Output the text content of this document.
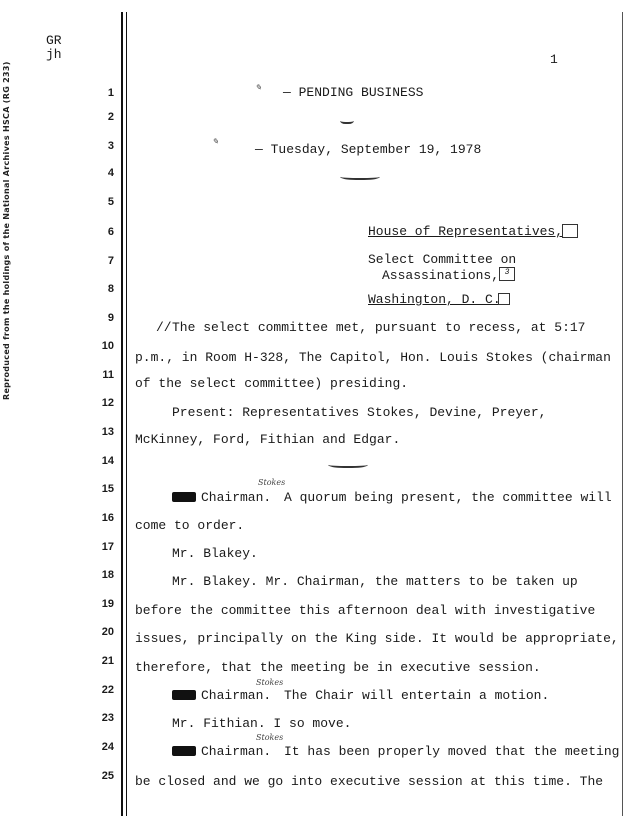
Reproduced from the holdings of the National Archives HSCA (RG 233)
GR
jh	1
1
2
3
4
5
6
7
8
9
10
11
12
13
14
15
16
17
18
19
20
21
22
23
24
25
✎ — PENDING BUSINESS
✎
— Tuesday, September 19, 1978
House of Representatives,
Select Committee on
Assassinations, 3
Washington, D. C.
// The select committee met, pursuant to recess, at 5:17
p.m., in Room H-328, The Capitol, Hon. Louis Stokes (chairman
of the select committee) presiding.
Present: Representatives Stokes, Devine, Preyer,
McKinney, Ford, Fithian and Edgar.
Stokes
Chairman. A quorum being present, the committee will
come to order.
Mr. Blakey.
Mr. Blakey. Mr. Chairman, the matters to be taken up
before the committee this afternoon deal with investigative
issues, principally on the King side. It would be appropriate,
therefore, that the meeting be in executive session.
Stokes
Chairman. The Chair will entertain a motion.
Mr. Fithian. I so move.
Stokes
Chairman. It has been properly moved that the meeting
be closed and we go into executive session at this time. The
